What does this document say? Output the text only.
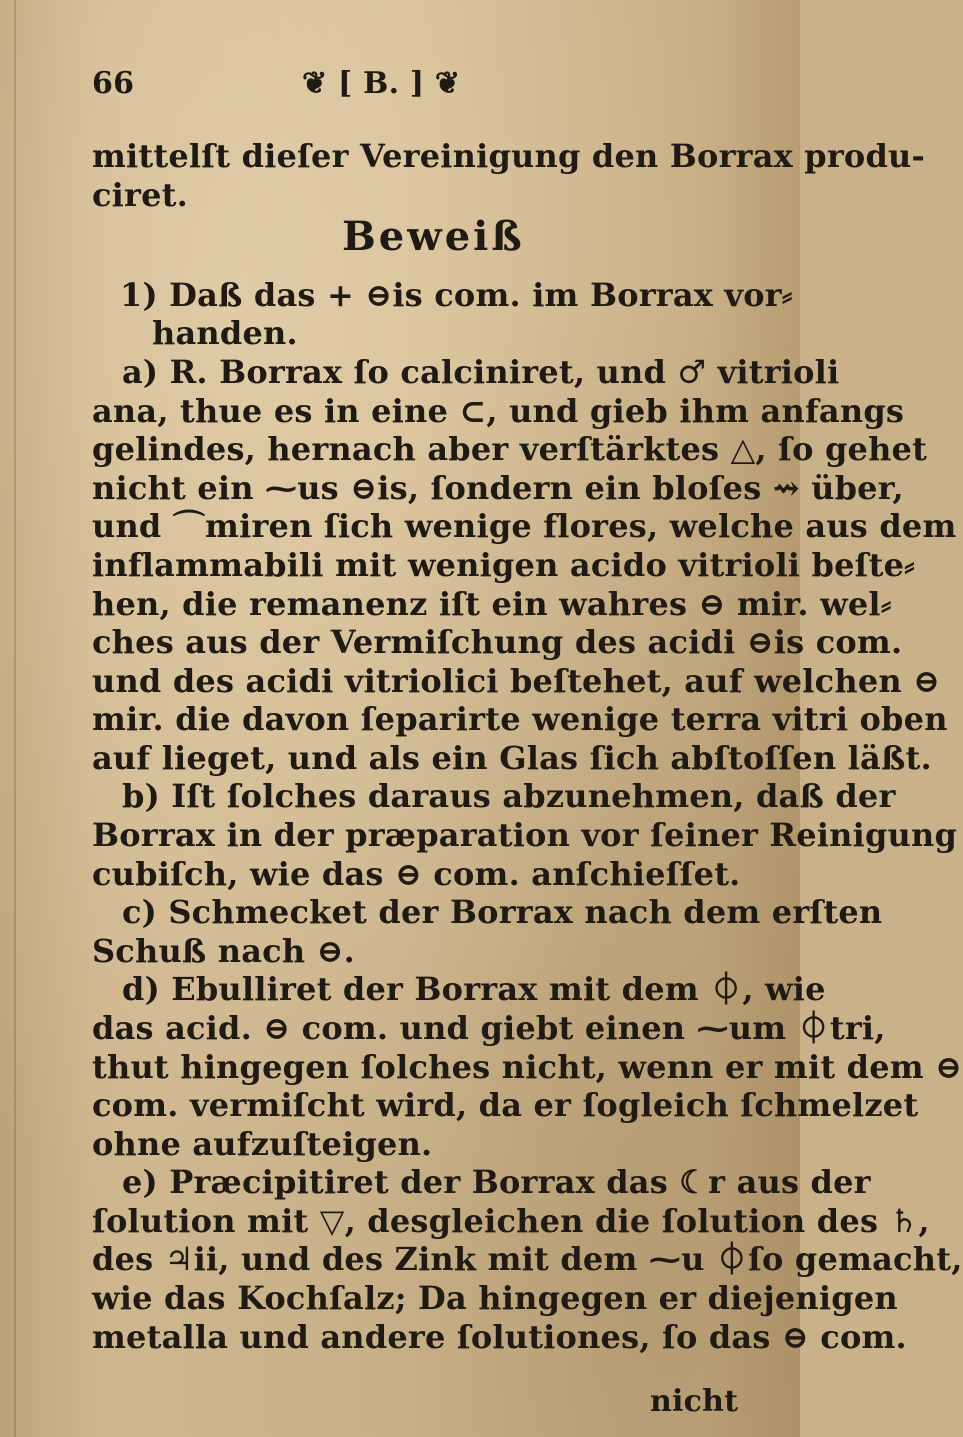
66	❦ [ B. ] ❦
mittelſt dieſer Vereinigung den Borrax produ-
ciret.
Beweiß
1) Daß das + ⊖is com. im Borrax vor⸗
handen.
a) R. Borrax ſo calciniret, und ♂ vitrioli
ana, thue es in eine ⊂, und gieb ihm anfangs
gelindes, hernach aber verſtärktes △, ſo gehet
nicht ein ⁓us ⊖is, ſondern ein bloſes ⇝ über,
und ⌒miren ſich wenige flores, welche aus dem
inflammabili mit wenigen acido vitrioli beſte⸗
hen, die remanenz iſt ein wahres ⊖ mir. wel⸗
ches aus der Vermiſchung des acidi ⊖is com.
und des acidi vitriolici beſtehet, auf welchen ⊖
mir. die davon ſeparirte wenige terra vitri oben
auf lieget, und als ein Glas ſich abſtoſſen läßt.
b) Iſt ſolches daraus abzunehmen, daß der
Borrax in der præparation vor ſeiner Reinigung
cubiſch, wie das ⊖ com. anſchieſſet.
c) Schmecket der Borrax nach dem erſten
Schuß nach ⊖.
d) Ebulliret der Borrax mit dem ⏀, wie
das acid. ⊖ com. und giebt einen ⁓um ⏀tri,
thut hingegen ſolches nicht, wenn er mit dem ⊖
com. vermiſcht wird, da er ſogleich ſchmelzet
ohne aufzuſteigen.
e) Præcipitiret der Borrax das ☾r aus der
ſolution mit ▽, desgleichen die ſolution des ♄,
des ♃ii, und des Zink mit dem ⁓u ⏀ſo gemacht,
wie das Kochſalz; Da hingegen er diejenigen
metalla und andere ſolutiones, ſo das ⊖ com.
nicht
